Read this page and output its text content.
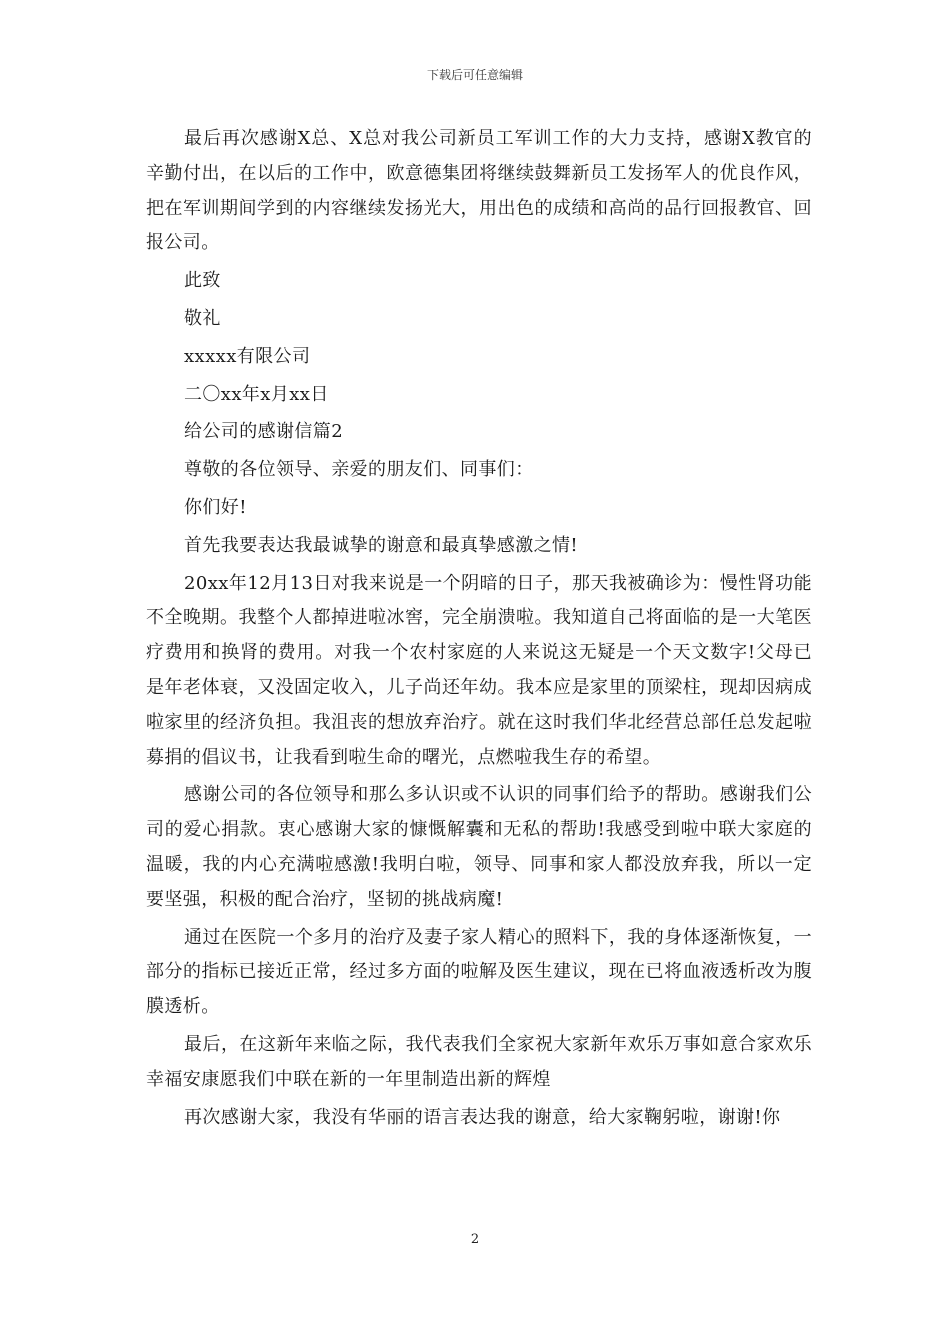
下载后可任意编辑

最后再次感谢X总、X总对我公司新员工军训工作的大力支持，感谢X教官的辛勤付出，在以后的工作中，欧意德集团将继续鼓舞新员工发扬军人的优良作风，把在军训期间学到的内容继续发扬光大，用出色的成绩和高尚的品行回报教官、回报公司。

此致

敬礼

xxxxx有限公司

二〇xx年x月xx日

给公司的感谢信篇2

尊敬的各位领导、亲爱的朋友们、同事们：

你们好!

首先我要表达我最诚挚的谢意和最真挚感激之情!

20xx年12月13日对我来说是一个阴暗的日子，那天我被确诊为：慢性肾功能不全晚期。我整个人都掉进啦冰窖，完全崩溃啦。我知道自己将面临的是一大笔医疗费用和换肾的费用。对我一个农村家庭的人来说这无疑是一个天文数字!父母已是年老体衰，又没固定收入，儿子尚还年幼。我本应是家里的顶梁柱，现却因病成啦家里的经济负担。我沮丧的想放弃治疗。就在这时我们华北经营总部任总发起啦募捐的倡议书，让我看到啦生命的曙光，点燃啦我生存的希望。

感谢公司的各位领导和那么多认识或不认识的同事们给予的帮助。感谢我们公司的爱心捐款。衷心感谢大家的慷慨解囊和无私的帮助!我感受到啦中联大家庭的温暖，我的内心充满啦感激!我明白啦，领导、同事和家人都没放弃我，所以一定要坚强，积极的配合治疗，坚韧的挑战病魔!

通过在医院一个多月的治疗及妻子家人精心的照料下，我的身体逐渐恢复，一部分的指标已接近正常，经过多方面的啦解及医生建议，现在已将血液透析改为腹膜透析。

最后，在这新年来临之际，我代表我们全家祝大家新年欢乐万事如意合家欢乐幸福安康愿我们中联在新的一年里制造出新的辉煌

再次感谢大家，我没有华丽的语言表达我的谢意，给大家鞠躬啦，谢谢!你

2
